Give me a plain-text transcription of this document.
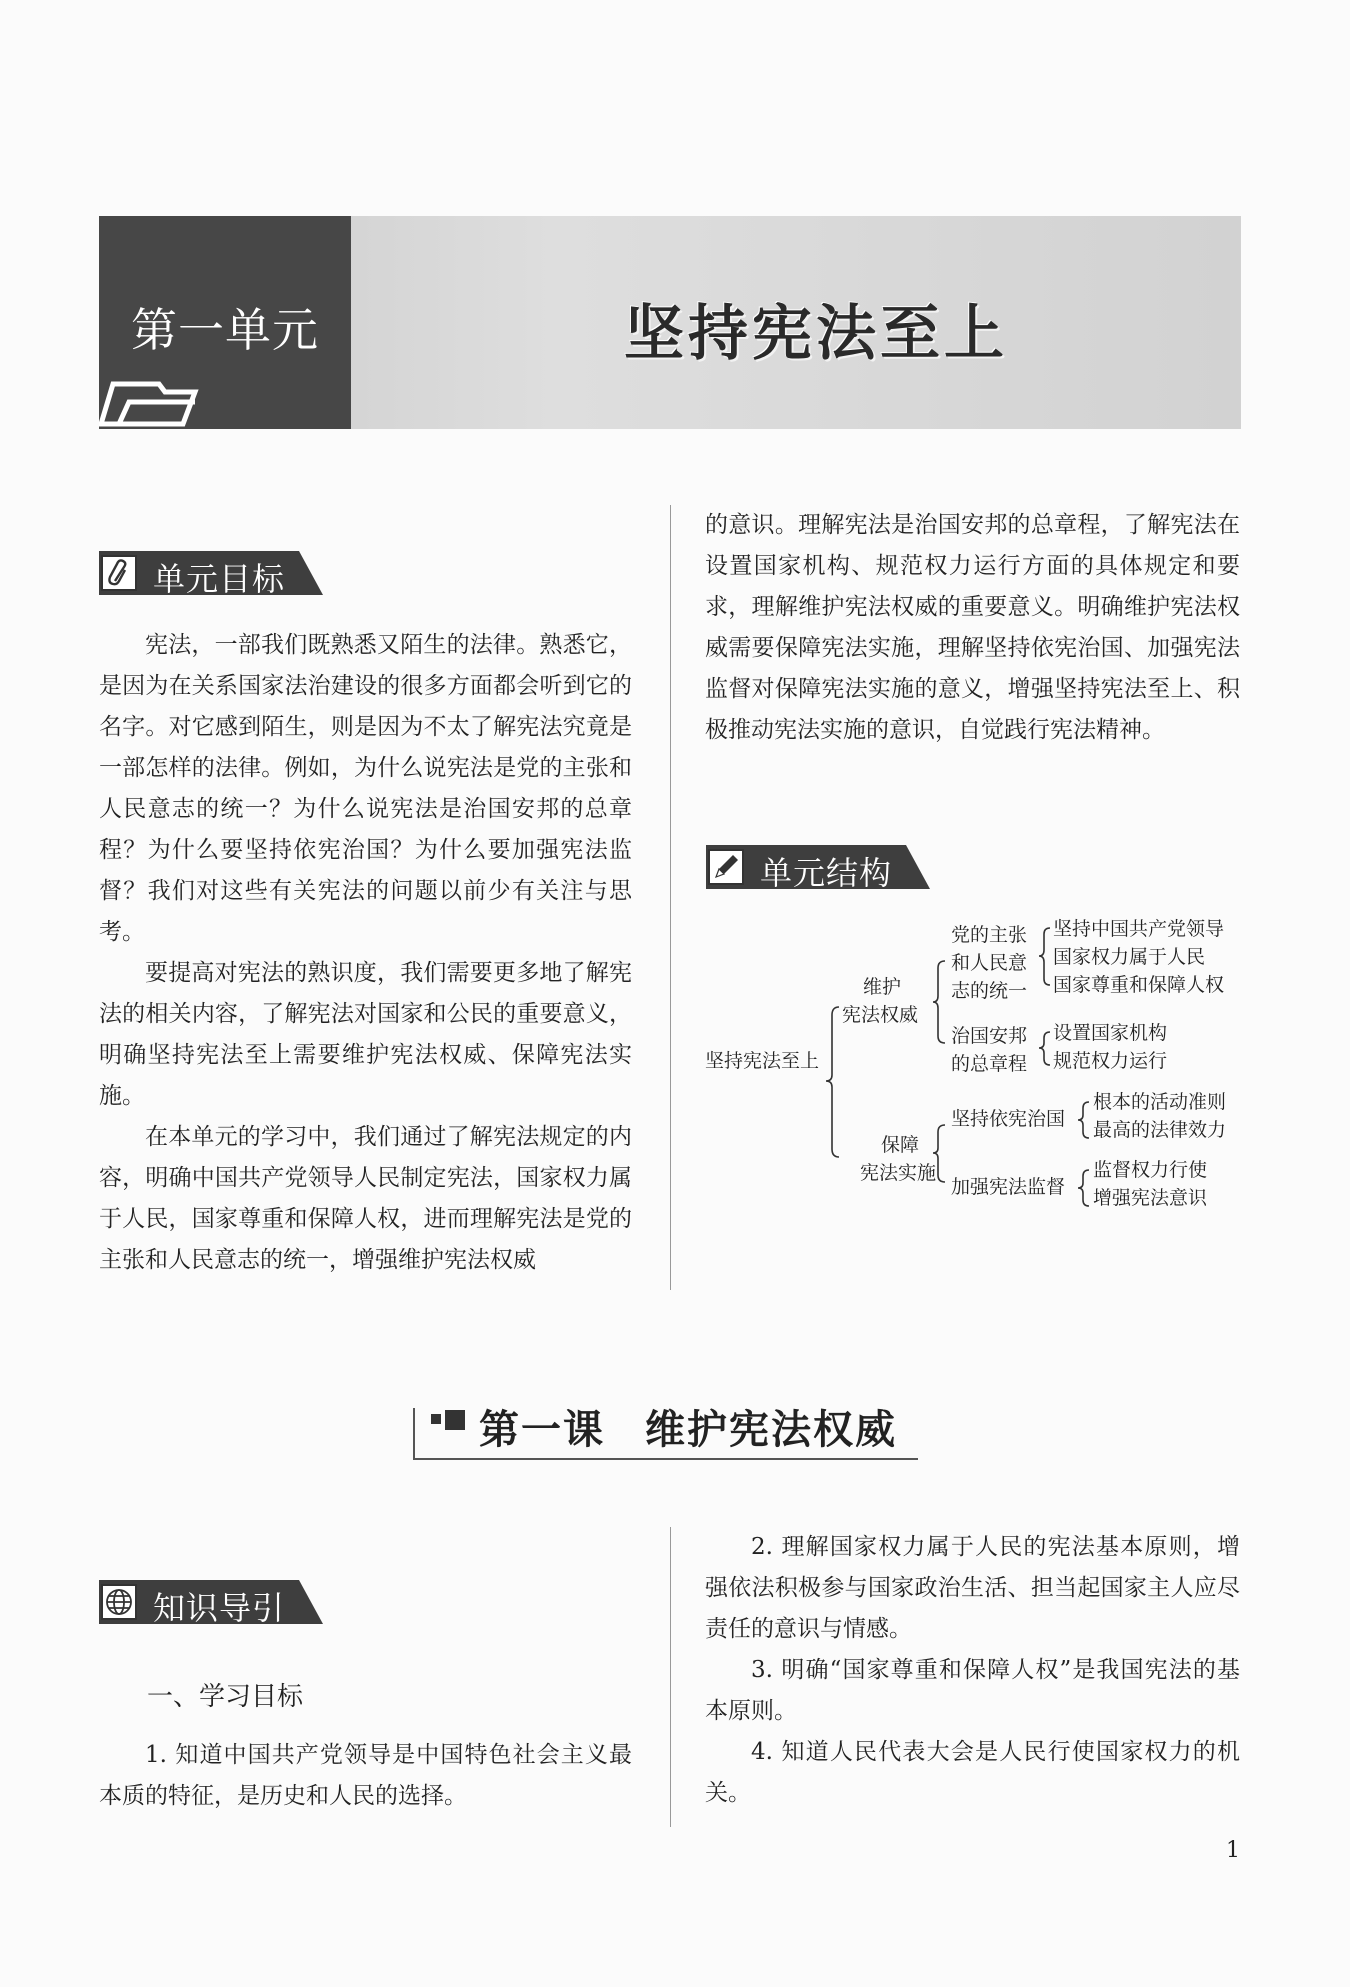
第一单元	坚持宪法至上
单元目标

宪法，一部我们既熟悉又陌生的法律。熟悉它，是因为在关系国家法治建设的很多方面都会听到它的名字。对它感到陌生，则是因为不太了解宪法究竟是一部怎样的法律。例如，为什么说宪法是党的主张和人民意志的统一？为什么说宪法是治国安邦的总章程？为什么要坚持依宪治国？为什么要加强宪法监督？我们对这些有关宪法的问题以前少有关注与思考。

要提高对宪法的熟识度，我们需要更多地了解宪法的相关内容，了解宪法对国家和公民的重要意义，明确坚持宪法至上需要维护宪法权威、保障宪法实施。

在本单元的学习中，我们通过了解宪法规定的内容，明确中国共产党领导人民制定宪法，国家权力属于人民，国家尊重和保障人权，进而理解宪法是党的主张和人民意志的统一，增强维护宪法权威

的意识。理解宪法是治国安邦的总章程，了解宪法在设置国家机构、规范权力运行方面的具体规定和要求，理解维护宪法权威的重要意义。明确维护宪法权威需要保障宪法实施，理解坚持依宪治国、加强宪法监督对保障宪法实施的意义，增强坚持宪法至上、积极推动宪法实施的意识，自觉践行宪法精神。

单元结构
坚持宪法至上
维护
宪法权威
党的主张
和人民意
志的统一
坚持中国共产党领导
国家权力属于人民
国家尊重和保障人权
治国安邦
的总章程
设置国家机构
规范权力运行
保障
宪法实施
坚持依宪治国
根本的活动准则
最高的法律效力
加强宪法监督
监督权力行使
增强宪法意识
第一课 维护宪法权威
知识导引
一、学习目标

1. 知道中国共产党领导是中国特色社会主义最本质的特征，是历史和人民的选择。

2. 理解国家权力属于人民的宪法基本原则，增强依法积极参与国家政治生活、担当起国家主人应尽责任的意识与情感。

3. 明确“国家尊重和保障人权”是我国宪法的基本原则。

4. 知道人民代表大会是人民行使国家权力的机关。

1
